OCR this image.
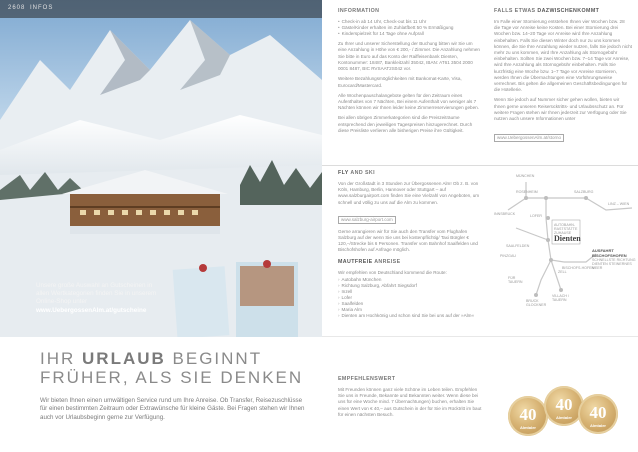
2608 INFOS
Unsere große Auswahl an Gutscheinen in allen Wertkategorien finden Sie in unserem Online-Shop unter
www.UebergossenAlm.at/gutscheine
IHR URLAUB BEGINNT
FRÜHER, ALS SIE DENKEN
Wir bieten Ihnen einen umwältigen Service rund um Ihre Anreise. Ob Transfer, Reisezuschlüsse für einen bestimmten Zeitraum oder Extrawünsche für kleine Gäste. Bei Fragen stehen wir Ihnen auch vor Urlaubsbeginn gerne zur Verfügung.
INFORMATION
• Check-in ab 14 Uhr, Check-out bis 11 Uhr
• Gäste/Kinder erhalten im Zuhlatfbett 50 % Ermäßigung
• Kinderspielzeit für 14 Tage ohne Aufprall
Zu Ihrer und unserer Sicherstellung der Buchung bitten wir Sie um eine Anzahlung in Höhe von € 200,- / Zimmer. Die Anzahlung nehmen Sie bitte in Euro auf das Konto der Raiffeisenbank Dienten, Kontonummer: 18487, Bankleitzahl 35042, IBAN: AT61 3504 2000 0001 8487, BIC RVSAAT2S042 vor.
Weitere Bezahlungsmöglichkeiten mit Bankomat-Karte, Visa, Eurocard/Mastercard.
Alle Wochenpauschalangebote gelten für den Zeitraum eines Aufenthaltes von 7 Nächten, Bei einem Aufenthalt von weniger als 7 Nächten können wir Ihnen leider keine Zimmerreservierungen geben.
Bei allen übrigen Zimmerkategorien sind die Preiszeiträume entsprechend den jeweiligen Tagespreisen hinzugerechnet. Durch diese Preisliste verlieren alle bisherigen Preise ihre Gültigkeit.
FALLS ETWAS DAZWISCHENKOMMT
Im Falle einer Stornierung entstehen Ihnen vier Wochen bzw. 28 die Tage vor Anreise keine Kosten. Bei einer Stornierung drei Wochen bzw. 14–20 Tage vor Anreise wird Ihre Anzahlung einbehalten. Falls Sie diesen Winter doch nur zu uns kommen können, die Sie Ihre Anzahlung wieder nutzen, falls Sie jedoch nicht mehr zu uns kommen, wird Ihre Anzahlung als Stornogebühr einbehalten. Sollten Sie zwei Wochen bzw. 7–14 Tage vor Anreise, wird Ihre Anzahlung als Stornogebühr einbehalten. Falls Sie kurzfristig eine Woche bzw. 1–7 Tage vor Anreise stornieren, werden Ihnen die Übernachtungen eine Vorführungsweise verrechnet. Bis gelten die allgemeinen Geschäftsbedingungen für die Hotellerie.
Wenn Sie jedoch auf Nummer sicher gehen wollen, bieten wir Ihnen gerne unseren Reiserücktritts- und Urlaubsschutz an. Für weitere Fragen stehen wir Ihnen jederzeit zur Verfügung oder Sie nutzen auch unsere Informationen unter
www.UebergossenAlm.at/storno
FLY AND SKI
Von der Großstadt in 3 Stunden zur Übergossenen Alm! Ob z. B. von Köln, Hamburg, Berlin, Hannover oder Stuttgart – auf www.salzburgairport.com finden Sie eine Vielzahl von Angeboten, um schnell und völlig zu uns auf die Alm zu kommen.
www.salzburg-airport.com
Gerne arrangieren wir für Sie auch den Transfer vom Flughafen Salzburg auf der wenn Sie uns bei kostenpflichtig/ Taxi Bürgler € 120,–/Strecke bis 6 Personen. Transfer vom Bahnhof Saalfelden und Bischofshofen auf Anfrage möglich.
MAUTFREIE ANREISE
Wir empfehlen von Deutschland kommend die Route:
› Autobahn München
› Richtung Salzburg, Abfahrt Siegsdorf
› Inzell
› Lofer
› Saalfelden
› Maria Alm
› Dienten am Hochkönig und schon sind Sie bei uns auf der »Alm«
MÜNCHEN
ROSENHEIM	SALZBURG
LINZ – WIEN
INNSBRUCK	LOFER
AUTOBAHN-RASTSTÄTTE ZUHAUSE
Dienten
SAALFELDEN
BISCHOFS-HOFEN
PINZGAU
ZELL
FÜR TAUERN
BRUCK GLOCKNER
VILLACH / TAUERN
AUSFAHRT BISCHOFSHOFEN
SCHNELLSTE RICHTUNG DIENTEN STEINERNES MEER
EMPFEHLENSWERT
Mit Freunden können ganz viele Schöne im Leben teilen. Empfehlen Sie uns in Freunde, Bekannte und Bekannten weiter. Wenn diese bei uns für eine Woche mind. 7 Übernachtungen) buchen, erhalten Sie einen Wert von € 40,– aus Gutschein in der für Sie im Rücktritt im baut für einen nächsten Besuch.	40
Almtaler
40
Almtaler	40
Almtaler
